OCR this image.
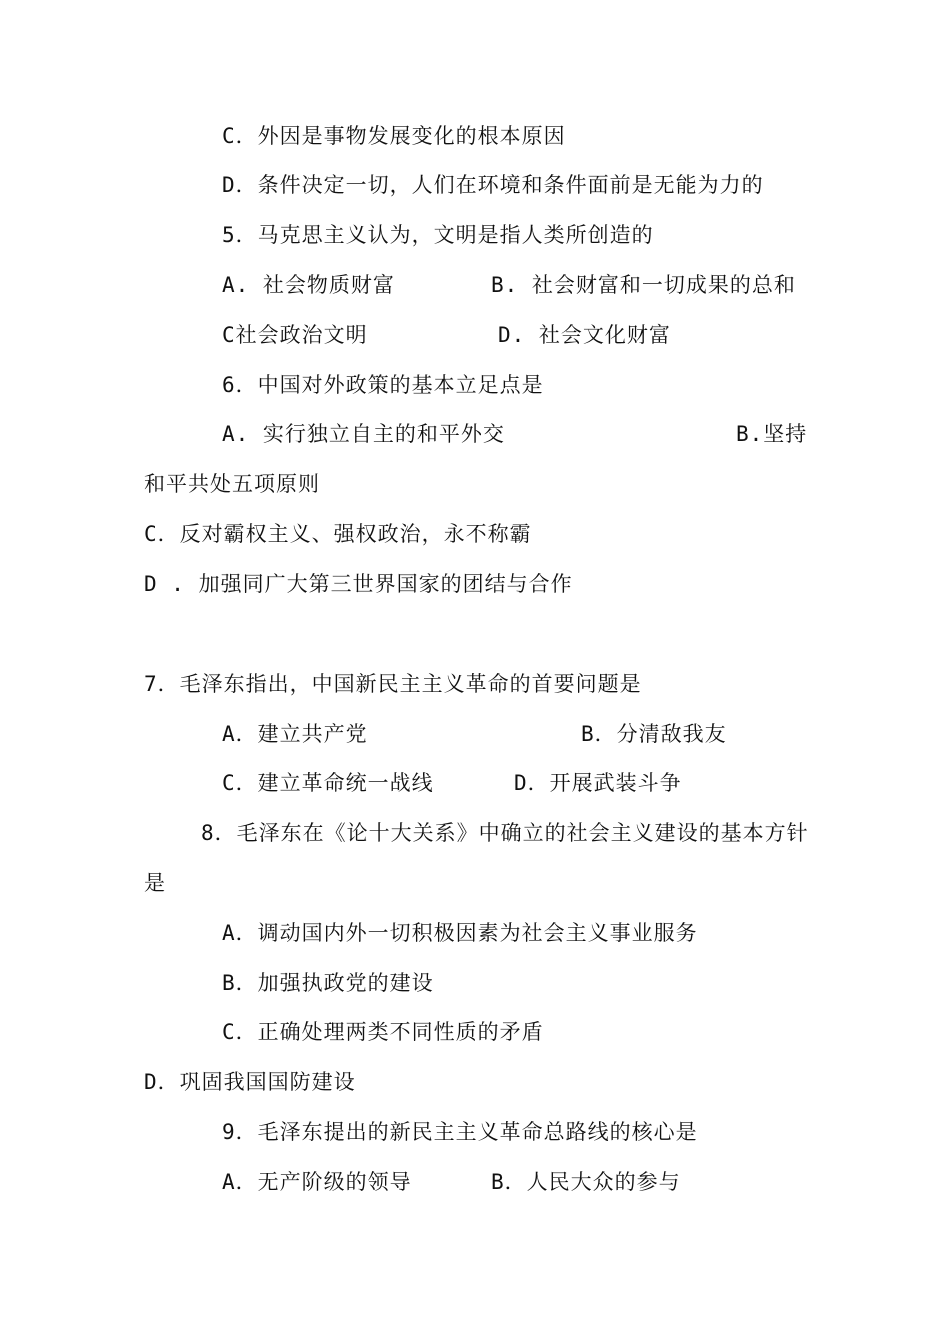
C．外因是事物发展变化的根本原因
D．条件决定一切，人们在环境和条件面前是无能为力的
5．马克思主义认为，文明是指人类所创造的
A. 社会物质财富	B. 社会财富和一切成果的总和
C社会政治文明	D. 社会文化财富
6．中国对外政策的基本立足点是
A. 实行独立自主的和平外交	B.坚持
和平共处五项原则
C．反对霸权主义、强权政治，永不称霸
D . 加强同广大第三世界国家的团结与合作
7．毛泽东指出，中国新民主主义革命的首要问题是
A．建立共产党	B．分清敌我友
C．建立革命统一战线	D．开展武装斗争
8．毛泽东在《论十大关系》中确立的社会主义建设的基本方针
是
A．调动国内外一切积极因素为社会主义事业服务
B．加强执政党的建设
C．正确处理两类不同性质的矛盾
D．巩固我国国防建设
9．毛泽东提出的新民主主义革命总路线的核心是
A．无产阶级的领导	B．人民大众的参与
